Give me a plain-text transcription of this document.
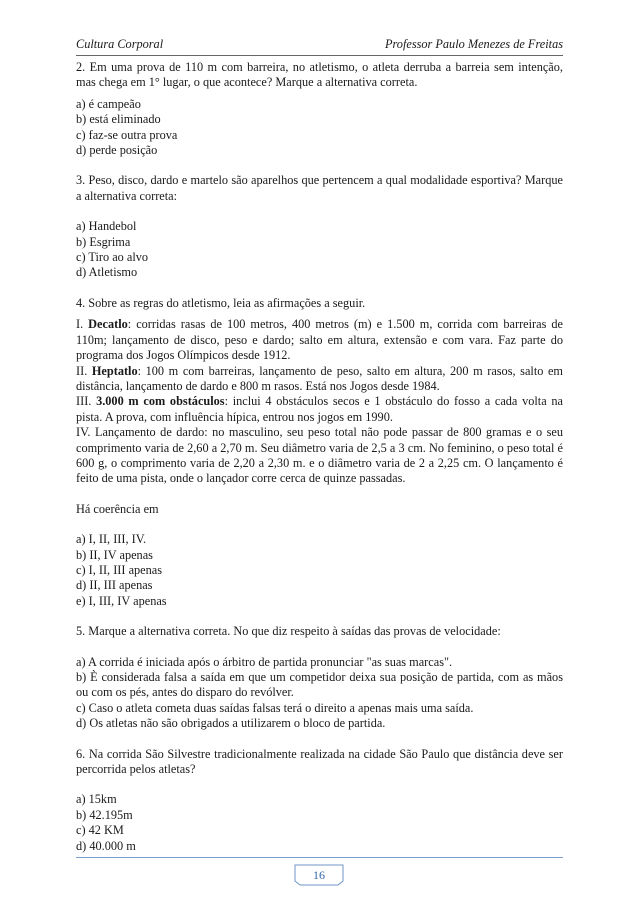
Cultura Corporal	Professor Paulo Menezes de Freitas

2. Em uma prova de 110 m com barreira, no atletismo, o atleta derruba a barreia sem intenção, mas chega em 1° lugar, o que acontece? Marque a alternativa correta.

a) é campeão

b) está eliminado

c) faz-se outra prova

d) perde posição

3. Peso, disco, dardo e martelo são aparelhos que pertencem a qual modalidade esportiva? Marque a alternativa correta:

a) Handebol

b) Esgrima

c) Tiro ao alvo

d) Atletismo

4. Sobre as regras do atletismo, leia as afirmações a seguir.

I. Decatlo: corridas rasas de 100 metros, 400 metros (m) e 1.500 m, corrida com barreiras de 110m; lançamento de disco, peso e dardo; salto em altura, extensão e com vara. Faz parte do programa dos Jogos Olímpicos desde 1912.

II. Heptatlo: 100 m com barreiras, lançamento de peso, salto em altura, 200 m rasos, salto em distância, lançamento de dardo e 800 m rasos. Está nos Jogos desde 1984.

III. 3.000 m com obstáculos: inclui 4 obstáculos secos e 1 obstáculo do fosso a cada volta na pista. A prova, com influência hípica, entrou nos jogos em 1990.

IV. Lançamento de dardo: no masculino, seu peso total não pode passar de 800 gramas e o seu comprimento varia de 2,60 a 2,70 m. Seu diâmetro varia de 2,5 a 3 cm. No feminino, o peso total é 600 g, o comprimento varia de 2,20 a 2,30 m. e o diâmetro varia de 2 a 2,25 cm. O lançamento é feito de uma pista, onde o lançador corre cerca de quinze passadas.

Há coerência em

a) I, II, III, IV.

b) II, IV apenas

c) I, II, III apenas

d) II, III apenas

e) I, III, IV apenas

5. Marque a alternativa correta. No que diz respeito à saídas das provas de velocidade:

a) A corrida é iniciada após o árbitro de partida pronunciar "as suas marcas".

b) È considerada falsa a saída em que um competidor deixa sua posição de partida, com as mãos ou com os pés, antes do disparo do revólver.

c) Caso o atleta cometa duas saídas falsas terá o direito a apenas mais uma saída.

d) Os atletas não são obrigados a utilizarem o bloco de partida.

6. Na corrida São Silvestre tradicionalmente realizada na cidade São Paulo que distância deve ser percorrida pelos atletas?

a) 15km

b) 42.195m

c) 42 KM

d) 40.000 m

16
